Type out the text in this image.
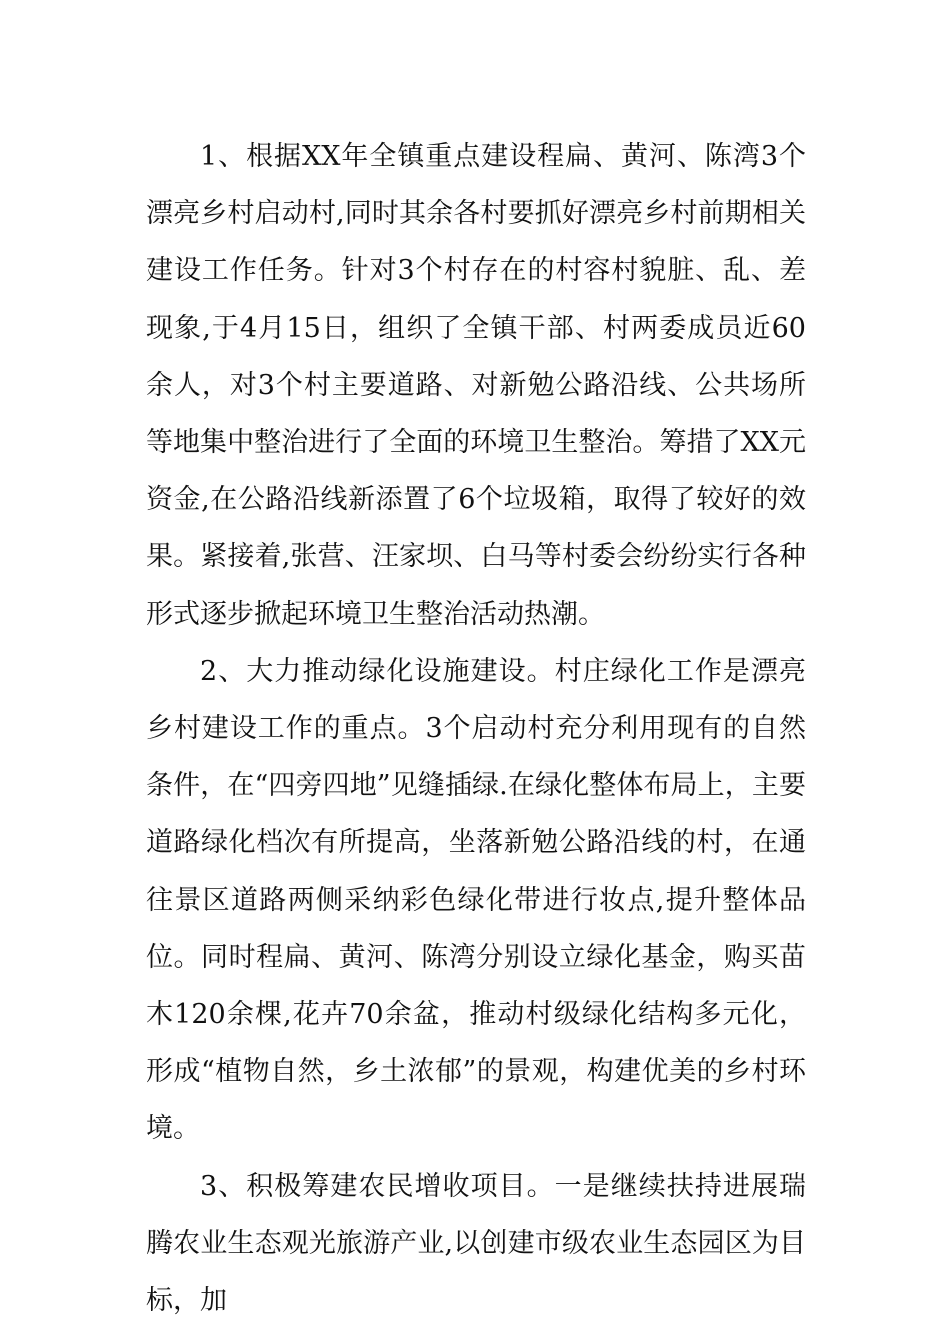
1、根据XX年全镇重点建设程扁、黄河、陈湾3个漂亮乡村启动村,同时其余各村要抓好漂亮乡村前期相关建设工作任务。针对3个村存在的村容村貌脏、乱、差现象,于4月15日，组织了全镇干部、村两委成员近60余人，对3个村主要道路、对新勉公路沿线、公共场所等地集中整治进行了全面的环境卫生整治。筹措了XX元资金,在公路沿线新添置了6个垃圾箱，取得了较好的效果。紧接着,张营、汪家坝、白马等村委会纷纷实行各种形式逐步掀起环境卫生整治活动热潮。

2、大力推动绿化设施建设。村庄绿化工作是漂亮乡村建设工作的重点。3个启动村充分利用现有的自然条件，在“四旁四地”见缝插绿.在绿化整体布局上，主要道路绿化档次有所提高，坐落新勉公路沿线的村，在通往景区道路两侧采纳彩色绿化带进行妆点,提升整体品位。同时程扁、黄河、陈湾分别设立绿化基金，购买苗木120余棵,花卉70余盆，推动村级绿化结构多元化，形成“植物自然，乡土浓郁”的景观，构建优美的乡村环境。

3、积极筹建农民增收项目。一是继续扶持进展瑞腾农业生态观光旅游产业,以创建市级农业生态园区为目标，加
